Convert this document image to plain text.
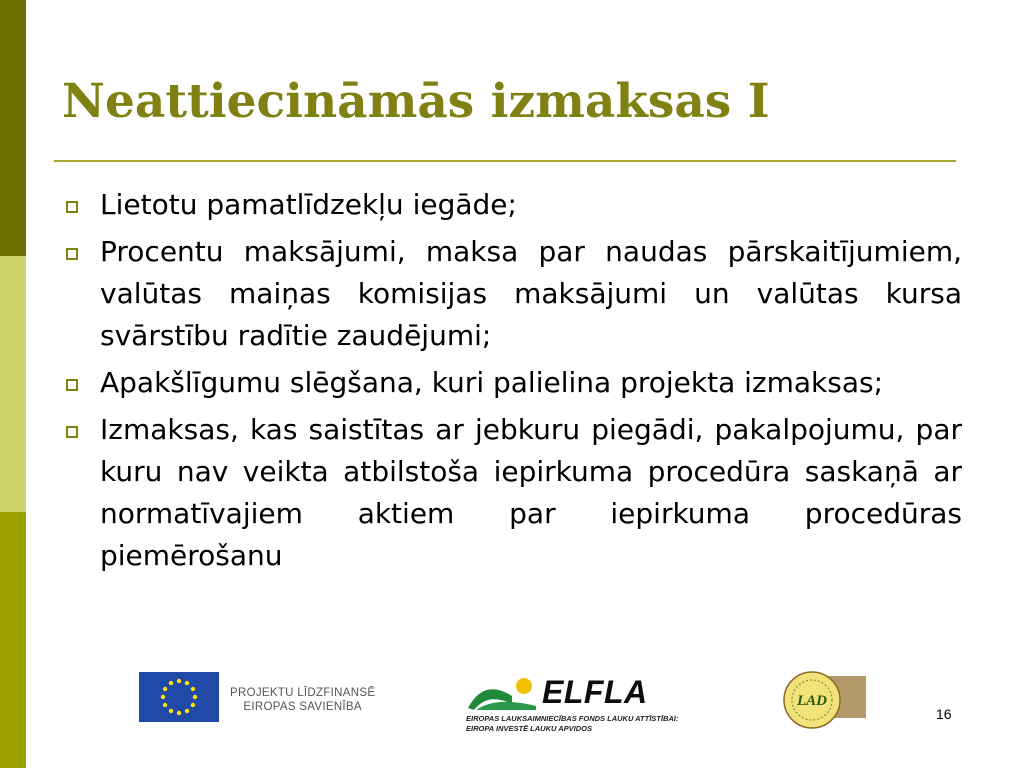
Neattiecināmās izmaksas I
Lietotu pamatlīdzekļu iegāde;
Procentu maksājumi, maksa par naudas pārskaitījumiem, valūtas maiņas komisijas maksājumi un valūtas kursa svārstību radītie zaudējumi;
Apakšlīgumu slēgšana, kuri palielina projekta izmaksas;
Izmaksas, kas saistītas ar jebkuru piegādi, pakalpojumu, par kuru nav veikta atbilstoša iepirkuma procedūra saskaņā ar normatīvajiem aktiem par iepirkuma procedūras piemērošanu
PROJEKTU LĪDZFINANSĒ
EIROPAS SAVIENĪBA	ELFLA
EIROPAS LAUKSAIMNIECĪBAS FONDS LAUKU ATTĪSTĪBAI:
EIROPA INVESTĒ LAUKU APVIDOS
LAD
16
